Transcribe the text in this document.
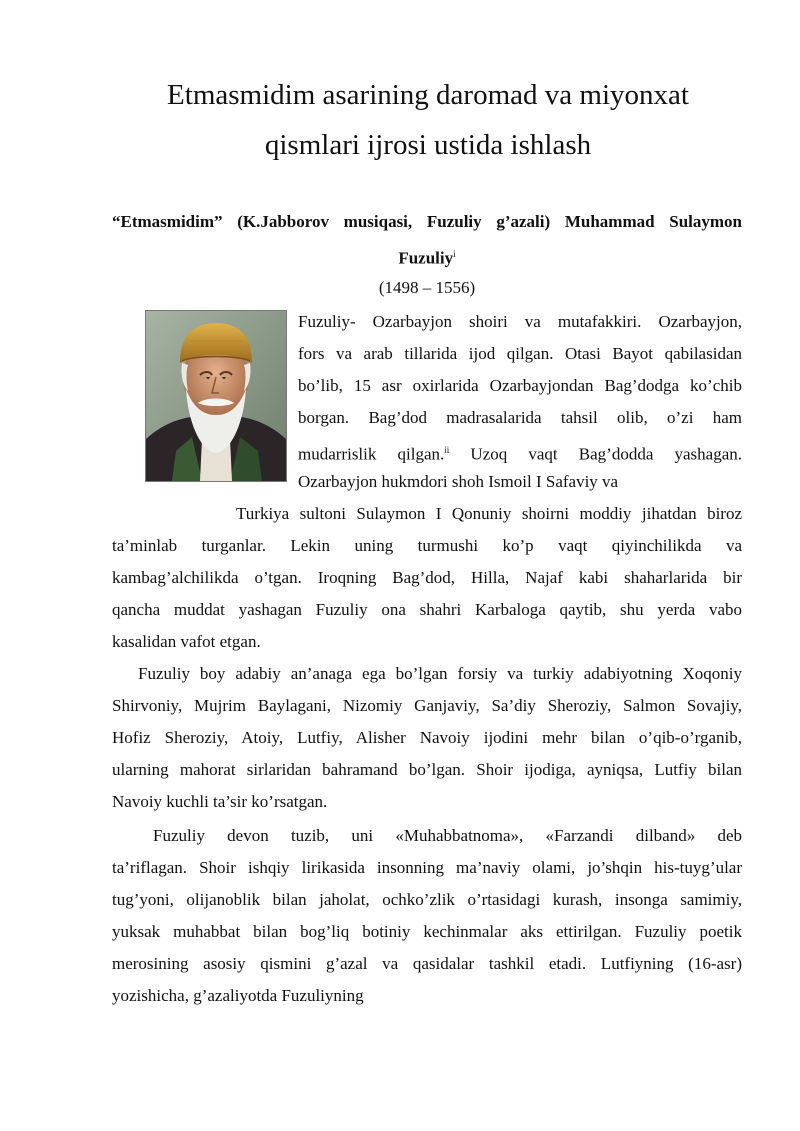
Etmasmidim asarining daromad va miyonxat
qismlari ijrosi ustida ishlash
“Etmasmidim” (K.Jabborov musiqasi, Fuzuliy g’azali) Muhammad Sulaymon
Fuzuliy$^i$
(1498 – 1556)
Fuzuliy- Ozarbayjon shoiri va mutafakkiri. Ozarbayjon,
fors va arab tillarida ijod qilgan. Otasi Bayot qabilasidan
bo’lib, 15 asr oxirlarida Ozarbayjondan Bag’dodga ko’chib
borgan. Bag’dod madrasalarida tahsil olib, o’zi ham
mudarrislik qilgan.$^{ii}$ Uzoq vaqt Bag’dodda yashagan.
Ozarbayjon hukmdori shoh Ismoil I Safaviy va
Turkiya sultoni Sulaymon I Qonuniy shoirni moddiy jihatdan biroz
ta’minlab turganlar. Lekin uning turmushi ko’p vaqt qiyinchilikda va
kambag’alchilikda o’tgan. Iroqning Bag’dod, Hilla, Najaf kabi shaharlarida bir
qancha muddat yashagan Fuzuliy ona shahri Karbaloga qaytib, shu yerda vabo
kasalidan vafot etgan.
Fuzuliy boy adabiy an’anaga ega bo’lgan forsiy va turkiy adabiyotning Xoqoniy
Shirvoniy, Mujrim Baylagani, Nizomiy Ganjaviy, Sa’diy Sheroziy, Salmon Sovajiy,
Hofiz Sheroziy, Atoiy, Lutfiy, Alisher Navoiy ijodini mehr bilan o’qib-o’rganib,
ularning mahorat sirlaridan bahramand bo’lgan. Shoir ijodiga, ayniqsa, Lutfiy bilan
Navoiy kuchli ta’sir ko’rsatgan.
Fuzuliy devon tuzib, uni «Muhabbatnoma», «Farzandi dilband» deb
ta’riflagan. Shoir ishqiy lirikasida insonning ma’naviy olami, jo’shqin his-tuyg’ular
tug’yoni, olijanoblik bilan jaholat, ochko’zlik o’rtasidagi kurash, insonga samimiy,
yuksak muhabbat bilan bog’liq botiniy kechinmalar aks ettirilgan. Fuzuliy poetik
merosining asosiy qismini g’azal va qasidalar tashkil etadi. Lutfiyning (16-asr)
yozishicha, g’azaliyotda Fuzuliyning
